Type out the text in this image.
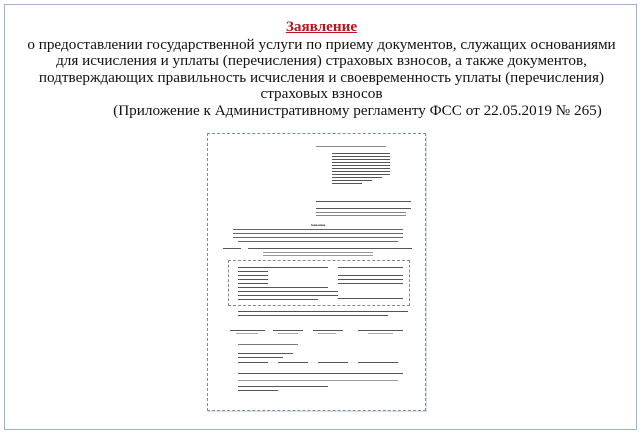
Заявление
о предоставлении государственной услуги по приему документов, служащих основаниями
для исчисления и уплаты (перечисления) страховых взносов, а также документов,
подтверждающих правильность исчисления и своевременность уплаты (перечисления)
страховых взносов
(Приложение к Административному регламенту ФСС от 22.05.2019 № 265)
Заявление
